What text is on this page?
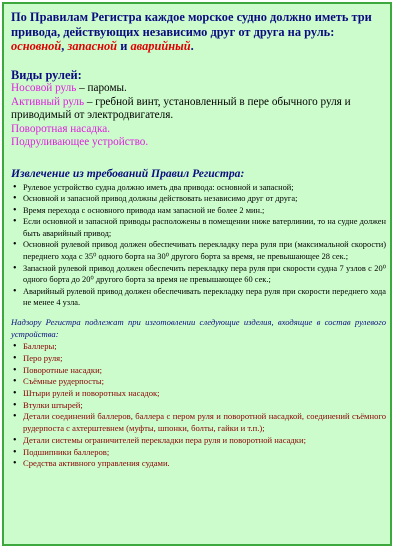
По Правилам Регистра каждое морское судно должно иметь три привода, действующих независимо друг от друга на руль: основной, запасной и аварийный.

Виды рулей:

Носовой руль – паромы.

Активный руль – гребной винт, установленный в пере обычного руля и приводимый от электродвигателя.

Поворотная насадка.

Подруливающее устройство.

Извлечение из требований Правил Регистра:

• Рулевое устройство судна должно иметь два привода: основной и запасной;
• Основной и запасной привод должны действовать независимо друг от друга;
• Время перехода с основного привода нам запасной не более 2 мин.;
• Если основной и запасной приводы расположены в помещении ниже ватерлинии, то на судне должен быть аварийный привод;
• Основной рулевой привод должен обеспечивать перекладку пера руля при (максимальной скорости) переднего хода с 35⁰ одного борта на 30⁰ другого борта за время, не превышающее 28 сек.;
• Запасной рулевой привод должен обеспечить перекладку пера руля при скорости судна 7 узлов с 20⁰ одного борта до 20⁰ другого борта за время не превышающее 60 сек.;
• Аварийный рулевой привод должен обеспечивать перекладку пера руля при скорости переднего хода не менее 4 узла.

Надзору Регистра подлежат при изготовлении следующие изделия, входящие в состав рулевого устройства:

• Баллеры;
• Перо руля;
• Поворотные насадки;
• Съёмные рудерпосты;
• Штыри рулей и поворотных насадок;
• Втулки штырей;
• Детали соединений баллеров, баллера с пером руля и поворотной насадкой, соединений съёмного рудерпоста с ахтерштевнем (муфты, шпонки, болты, гайки и т.п.);
• Детали системы ограничителей перекладки пера руля и поворотной насадки;
• Подшипники баллеров;
• Средства активного управления судами.
